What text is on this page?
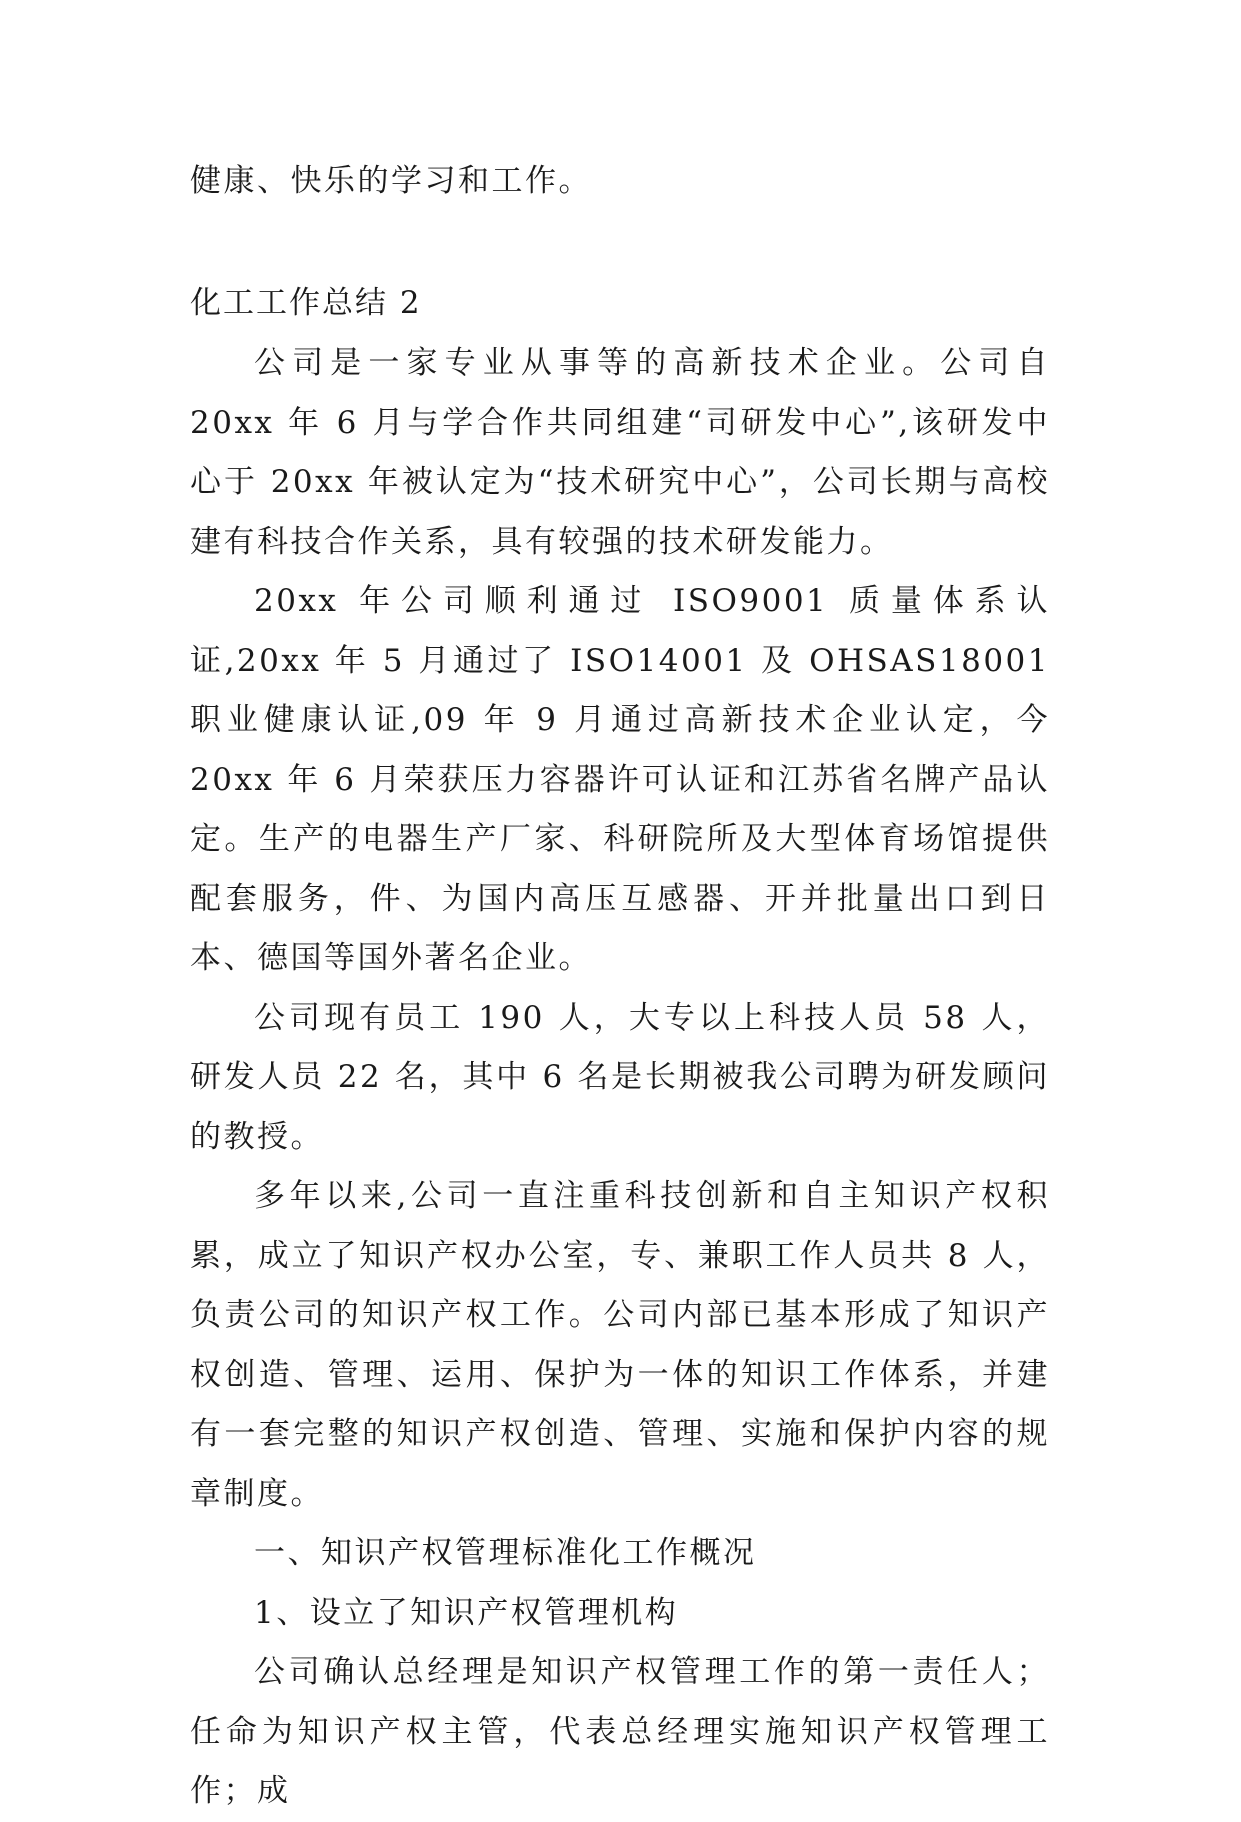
健康、快乐的学习和工作。

化工工作总结 2

公司是一家专业从事等的高新技术企业。公司自 20xx 年 6 月与学合作共同组建“司研发中心”,该研发中心于 20xx 年被认定为“技术研究中心”，公司长期与高校建有科技合作关系，具有较强的技术研发能力。

20xx 年公司顺利通过 ISO9001 质量体系认证,20xx 年 5 月通过了 ISO14001 及 OHSAS18001 职业健康认证,09 年 9 月通过高新技术企业认定，今 20xx 年 6 月荣获压力容器许可认证和江苏省名牌产品认定。生产的电器生产厂家、科研院所及大型体育场馆提供配套服务，件、为国内高压互感器、开并批量出口到日本、德国等国外著名企业。

公司现有员工 190 人，大专以上科技人员 58 人，研发人员 22 名，其中 6 名是长期被我公司聘为研发顾问的教授。

多年以来,公司一直注重科技创新和自主知识产权积累，成立了知识产权办公室，专、兼职工作人员共 8 人，负责公司的知识产权工作。公司内部已基本形成了知识产权创造、管理、运用、保护为一体的知识工作体系，并建有一套完整的知识产权创造、管理、实施和保护内容的规章制度。

一、知识产权管理标准化工作概况

1、设立了知识产权管理机构

公司确认总经理是知识产权管理工作的第一责任人；任命为知识产权主管，代表总经理实施知识产权管理工作；成
